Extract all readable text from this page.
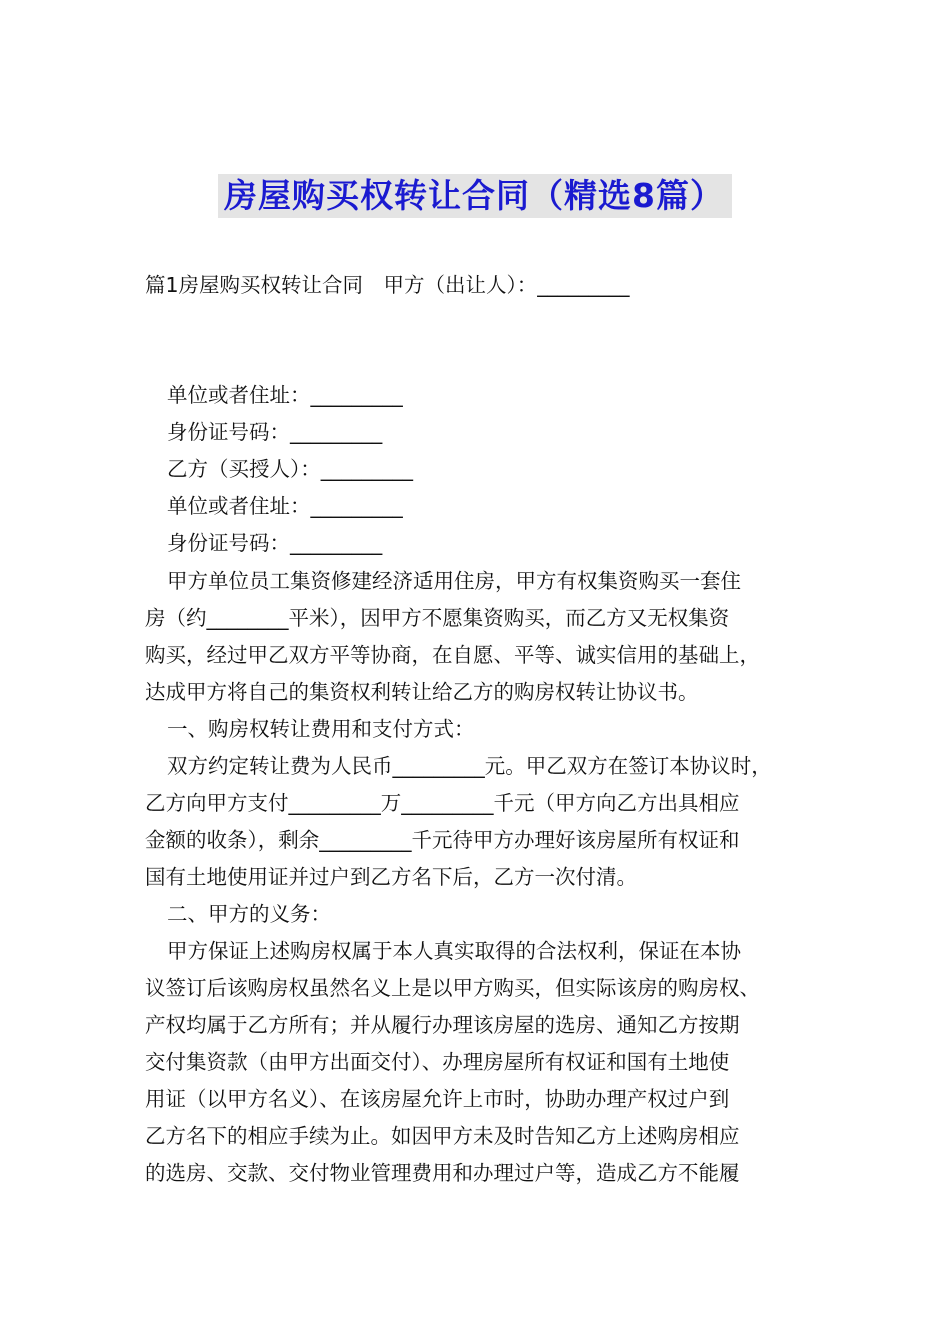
房屋购买权转让合同（精选8篇）
篇1房屋购买权转让合同　甲方（出让人）：_________
单位或者住址：_________
身份证号码：_________
乙方（买授人）：_________
单位或者住址：_________
身份证号码：_________
甲方单位员工集资修建经济适用住房，甲方有权集资购买一套住
房（约________平米），因甲方不愿集资购买，而乙方又无权集资
购买，经过甲乙双方平等协商，在自愿、平等、诚实信用的基础上，
达成甲方将自己的集资权利转让给乙方的购房权转让协议书。
一、购房权转让费用和支付方式：
双方约定转让费为人民币_________元。甲乙双方在签订本协议时，
乙方向甲方支付_________万_________千元（甲方向乙方出具相应
金额的收条），剩余_________千元待甲方办理好该房屋所有权证和
国有土地使用证并过户到乙方名下后，乙方一次付清。
二、甲方的义务：
甲方保证上述购房权属于本人真实取得的合法权利，保证在本协
议签订后该购房权虽然名义上是以甲方购买，但实际该房的购房权、
产权均属于乙方所有；并从履行办理该房屋的选房、通知乙方按期
交付集资款（由甲方出面交付）、办理房屋所有权证和国有土地使
用证（以甲方名义）、在该房屋允许上市时，协助办理产权过户到
乙方名下的相应手续为止。如因甲方未及时告知乙方上述购房相应
的选房、交款、交付物业管理费用和办理过户等，造成乙方不能履
